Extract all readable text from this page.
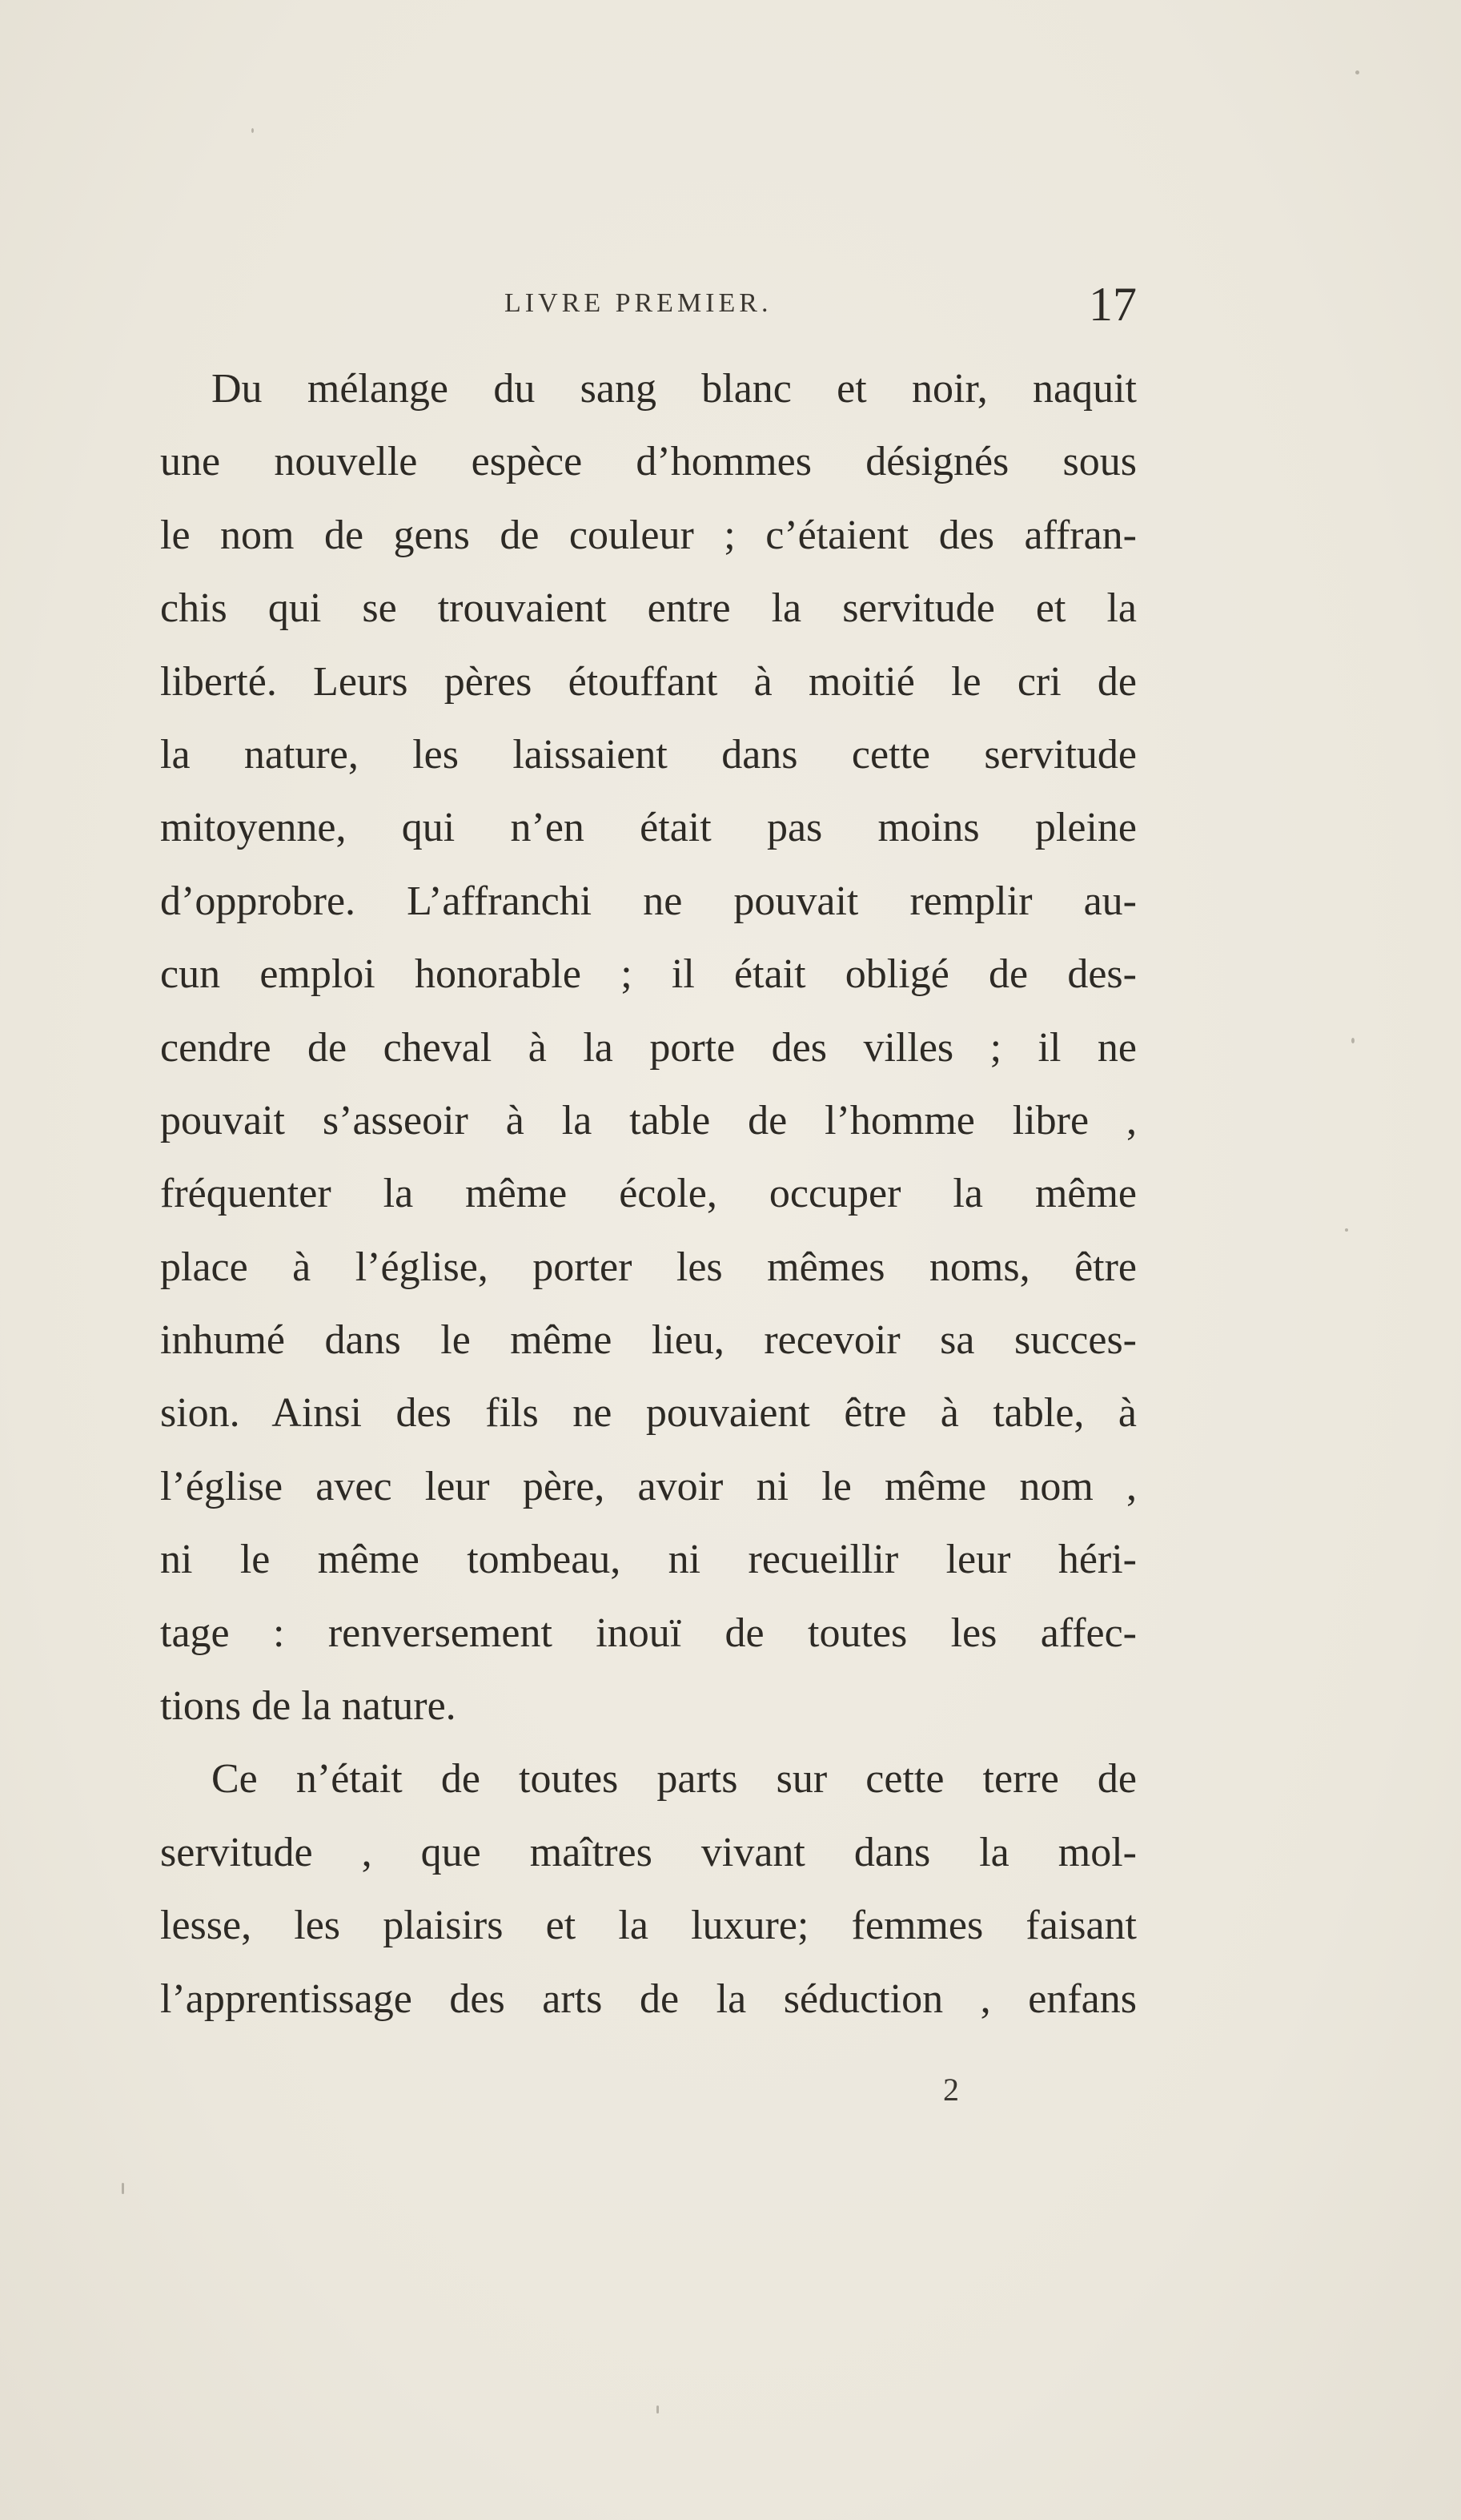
LIVRE PREMIER.	17
Du mélange du sang blanc et noir, naquit
une nouvelle espèce d’hommes désignés sous
le nom de gens de couleur ; c’étaient des affran-
chis qui se trouvaient entre la servitude et la
liberté. Leurs pères étouffant à moitié le cri de
la nature, les laissaient dans cette servitude
mitoyenne, qui n’en était pas moins pleine
d’opprobre. L’affranchi ne pouvait remplir au-
cun emploi honorable ; il était obligé de des-
cendre de cheval à la porte des villes ; il ne
pouvait s’asseoir à la table de l’homme libre ,
fréquenter la même école, occuper la même
place à l’église, porter les mêmes noms, être
inhumé dans le même lieu, recevoir sa succes-
sion. Ainsi des fils ne pouvaient être à table, à
l’église avec leur père, avoir ni le même nom ,
ni le même tombeau, ni recueillir leur héri-
tage : renversement inouï de toutes les affec-
tions de la nature.
Ce n’était de toutes parts sur cette terre de
servitude , que maîtres vivant dans la mol-
lesse, les plaisirs et la luxure; femmes faisant
l’apprentissage des arts de la séduction , enfans
2
